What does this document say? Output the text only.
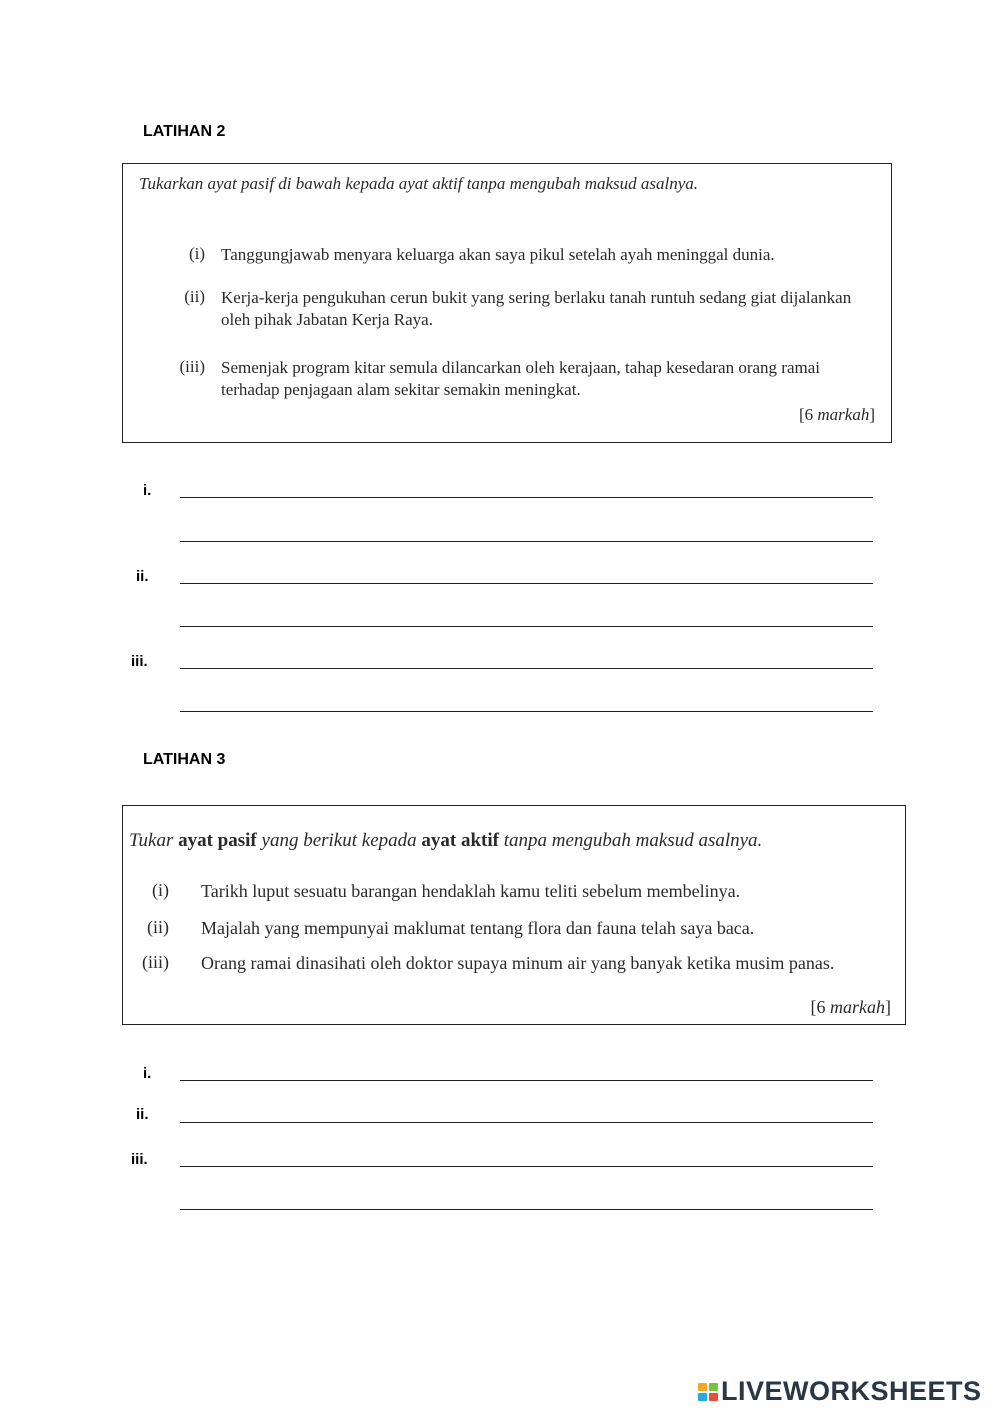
LATIHAN 2
Tukarkan ayat pasif di bawah kepada ayat aktif tanpa mengubah maksud asalnya.
(i) Tanggungjawab menyara keluarga akan saya pikul setelah ayah meninggal dunia.
(ii) Kerja-kerja pengukuhan cerun bukit yang sering berlaku tanah runtuh sedang giat dijalankan oleh pihak Jabatan Kerja Raya.
(iii) Semenjak program kitar semula dilancarkan oleh kerajaan, tahap kesedaran orang ramai terhadap penjagaan alam sekitar semakin meningkat.
[6 markah]
i.
ii.
iii.
LATIHAN 3
Tukar ayat pasif yang berikut kepada ayat aktif tanpa mengubah maksud asalnya.
(i) Tarikh luput sesuatu barangan hendaklah kamu teliti sebelum membelinya.
(ii) Majalah yang mempunyai maklumat tentang flora dan fauna telah saya baca.
(iii) Orang ramai dinasihati oleh doktor supaya minum air yang banyak ketika musim panas.
[6 markah]
i.
ii.
iii.
LIVEWORKSHEETS
